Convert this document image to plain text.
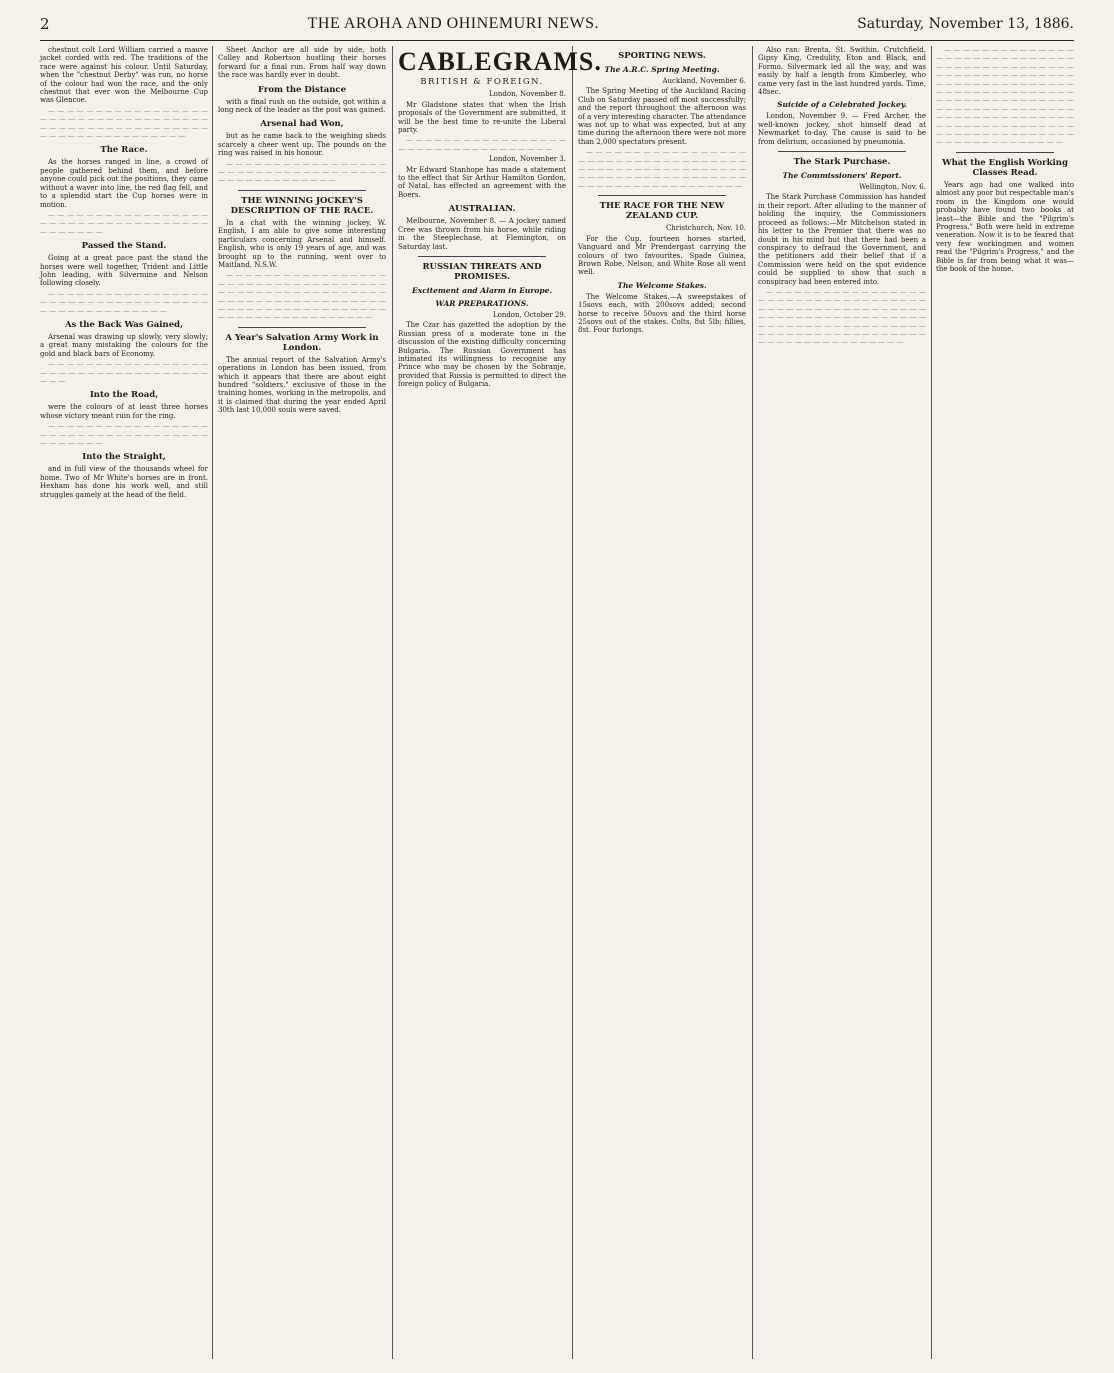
2	THE AROHA AND OHINEMURI NEWS.	Saturday, November 13, 1886.

chestnut colt Lord William carried a mauve jacket corded with red. The traditions of the race were against his colour. Until Saturday, when the "chestnut Derby" was run, no horse of the colour had won the race, and the only chestnut that ever won the Melbourne Cup was Glencoe.

— — — — — — — — — — — — — — — — — — — — — — — — — — — — — — — — — — — — — — — — — — — — — — — — — — — — — — — — — — — — — — — — — — — — —

The Race.

As the horses ranged in line, a crowd of people gathered behind them, and before anyone could pick out the positions, they came without a waver into line, the red flag fell, and to a splendid start the Cup horses were in motion.

— — — — — — — — — — — — — — — — — — — — — — — — — — — — — — — — — — — — — — — — — —

Passed the Stand.

Going at a great pace past the stand the horses were well together, Trident and Little John leading, with Silvermine and Nelson following closely.

— — — — — — — — — — — — — — — — — — — — — — — — — — — — — — — — — — — — — — — — — — — — — — — — —

As the Back Was Gained,

Arsenal was drawing up slowly, very slowly; a great many mistaking the colours for the gold and black bars of Economy.

— — — — — — — — — — — — — — — — — — — — — — — — — — — — — — — — — — — — — —

Into the Road,

were the colours of at least three horses whose victory meant ruin for the ring.

— — — — — — — — — — — — — — — — — — — — — — — — — — — — — — — — — — — — — — — — — —

Into the Straight,

and in full view of the thousands wheel for home. Two of Mr White's horses are in front. Hexham has done his work well, and still struggles gamely at the head of the field.

Sheet Anchor are all side by side, both Colley and Robertson hustling their horses forward for a final run. From half way down the race was hardly ever in doubt.

From the Distance

with a final rush on the outside, got within a long neck of the leader as the post was gained.

Arsenal had Won,

but as he came back to the weighing sheds scarcely a cheer went up. The pounds on the ring was raised in his honour.

— — — — — — — — — — — — — — — — — — — — — — — — — — — — — — — — — — — — — — — — — — — — — — — —

THE WINNING JOCKEY'S DESCRIPTION OF THE RACE.

In a chat with the winning jockey, W. English, I am able to give some interesting particulars concerning Arsenal and himself. English, who is only 19 years of age, and was brought up to the running, went over to Maitland, N.S.W.

— — — — — — — — — — — — — — — — — — — — — — — — — — — — — — — — — — — — — — — — — — — — — — — — — — — — — — — — — — — — — — — — — — — — — — — — — — — — — — — — — — — — — — — — — — — — — — — — — — — — — — — — — —

A Year's Salvation Army Work in London.

The annual report of the Salvation Army's operations in London has been issued, from which it appears that there are about eight hundred "soldiers," exclusive of those in the training homes, working in the metropolis, and it is claimed that during the year ended April 30th last 10,000 souls were saved.

CABLEGRAMS.
BRITISH & FOREIGN.
London, November 8.

Mr Gladstone states that when the Irish proposals of the Government are submitted, it will be the best time to re-unite the Liberal party.

— — — — — — — — — — — — — — — — — — — — — — — — — — — — — — — — — —

London, November 3.

Mr Edward Stanhope has made a statement to the effect that Sir Arthur Hamilton Gordon, of Natal, has effected an agreement with the Boers.

AUSTRALIAN.

Melbourne, November 8. — A jockey named Cree was thrown from his horse, while riding in the Steeplechase, at Flemington, on Saturday last.

RUSSIAN THREATS AND PROMISES.
Excitement and Alarm in Europe.
WAR PREPARATIONS.
London, October 29.

The Czar has gazetted the adoption by the Russian press of a moderate tone in the discussion of the existing difficulty concerning Bulgaria. The Russian Government has intimated its willingness to recognise any Prince who may be chosen by the Sobranje, provided that Russia is permitted to direct the foreign policy of Bulgaria.

SPORTING NEWS.
The A.R.C. Spring Meeting.
Auckland, November 6.

The Spring Meeting of the Auckland Racing Club on Saturday passed off most successfully; and the report throughout the afternoon was of a very interesting character. The attendance was not up to what was expected, but at any time during the afternoon there were not more than 2,000 spectators present.

— — — — — — — — — — — — — — — — — — — — — — — — — — — — — — — — — — — — — — — — — — — — — — — — — — — — — — — — — — — — — — — — — — — — — — — — — — — — — — — — — — — — — — — — —

THE RACE FOR THE NEW ZEALAND CUP.
Christchurch, Nov. 10.

For the Cup, fourteen horses started, Vanguard and Mr Prendergast carrying the colours of two favourites. Spade Guinea, Brown Robe, Nelson, and White Rose all went well.

The Welcome Stakes.

The Welcome Stakes.—A sweepstakes of 15sovs each, with 200sovs added; second horse to receive 50sovs and the third horse 25sovs out of the stakes. Colts, 8st 5lb; fillies, 8st. Four furlongs.

Also ran: Brenta, St. Swithin, Crutchfield, Gipsy King, Credulity, Eton and Black, and Formo. Silvermark led all the way, and was easily by half a length from Kimberley, who came very fast in the last hundred yards. Time, 48sec.

Suicide of a Celebrated Jockey.

London, November 9. — Fred Archer, the well-known jockey, shot himself dead at Newmarket to-day. The cause is said to be from delirium, occasioned by pneumonia.

The Stark Purchase.
The Commissioners' Report.
Wellington, Nov. 6.

The Stark Purchase Commission has handed in their report. After alluding to the manner of holding the inquiry, the Commissioners proceed as follows:—Mr Mitchelson stated in his letter to the Premier that there was no doubt in his mind but that there had been a conspiracy to defraud the Government, and the petitioners add their belief that if a Commission were held on the spot evidence could be supplied to show that such a conspiracy had been entered into.

— — — — — — — — — — — — — — — — — — — — — — — — — — — — — — — — — — — — — — — — — — — — — — — — — — — — — — — — — — — — — — — — — — — — — — — — — — — — — — — — — — — — — — — — — — — — — — — — — — — — — — — — — — — — — — — — — — — — — — — — — — —

— — — — — — — — — — — — — — — — — — — — — — — — — — — — — — — — — — — — — — — — — — — — — — — — — — — — — — — — — — — — — — — — — — — — — — — — — — — — — — — — — — — — — — — — — — — — — — — — — — — — — — — — — — — — — — — — — — — — — — — — — — — — — — — — — — — — — — — — — — — — — — — — — — — — — — — — — — — — — — — — — — — — — — — — — — — — — — — — — —

What the English Working Classes Read.

Years ago had one walked into almost any poor but respectable man's room in the Kingdom one would probably have found two books at least—the Bible and the "Pilgrim's Progress." Both were held in extreme veneration. Now it is to be feared that very few workingmen and women read the "Pilgrim's Progress," and the Bible is far from being what it was—the book of the home.
